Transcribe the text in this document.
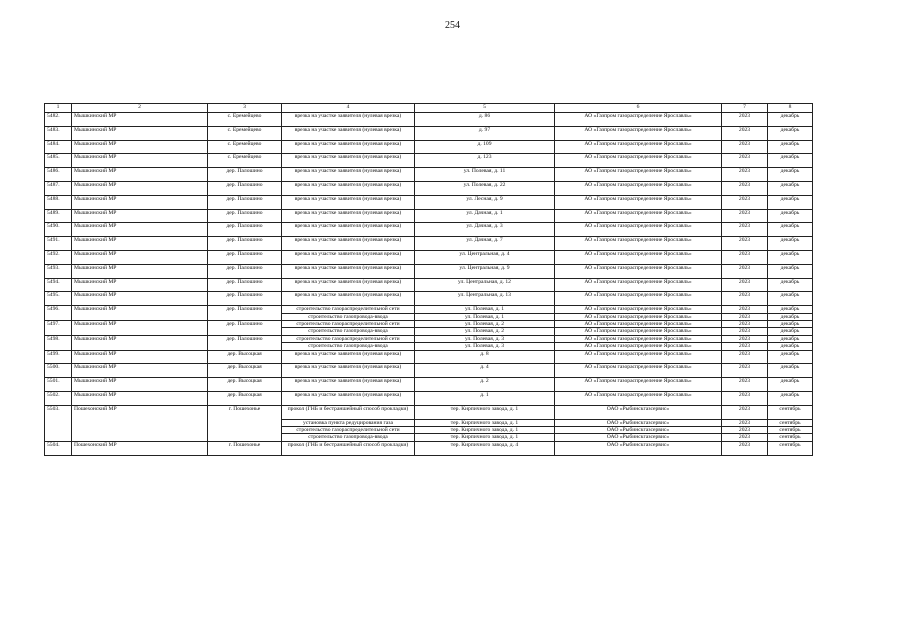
254
1	2	3	4	5	6	7	8
5482.	Мышкинский МР	с. Еремейцево	врезка на участке заявителя (нулевая врезка)	д. 86	АО «Газпром газораспределение Ярославль»	2023	декабрь
5483.	Мышкинский МР	с. Еремейцево	врезка на участке заявителя (нулевая врезка)	д. 97	АО «Газпром газораспределение Ярославль»	2023	декабрь
5484.	Мышкинский МР	с. Еремейцево	врезка на участке заявителя (нулевая врезка)	д. 109	АО «Газпром газораспределение Ярославль»	2023	декабрь
5485.	Мышкинский МР	с. Еремейцево	врезка на участке заявителя (нулевая врезка)	д. 123	АО «Газпром газораспределение Ярославль»	2023	декабрь
5486.	Мышкинский МР	дер. Палошино	врезка на участке заявителя (нулевая врезка)	ул. Полевая, д. 11	АО «Газпром газораспределение Ярославль»	2023	декабрь
5487.	Мышкинский МР	дер. Палошино	врезка на участке заявителя (нулевая врезка)	ул. Полевая, д. 22	АО «Газпром газораспределение Ярославль»	2023	декабрь
5488.	Мышкинский МР	дер. Палошино	врезка на участке заявителя (нулевая врезка)	ул. Лесная, д. 9	АО «Газпром газораспределение Ярославль»	2023	декабрь
5489.	Мышкинский МР	дер. Палошино	врезка на участке заявителя (нулевая врезка)	ул. Дачная, д. 1	АО «Газпром газораспределение Ярославль»	2023	декабрь
5490.	Мышкинский МР	дер. Палошино	врезка на участке заявителя (нулевая врезка)	ул. Дачная, д. 3	АО «Газпром газораспределение Ярославль»	2023	декабрь
5491.	Мышкинский МР	дер. Палошино	врезка на участке заявителя (нулевая врезка)	ул. Дачная, д. 7	АО «Газпром газораспределение Ярославль»	2023	декабрь
5492.	Мышкинский МР	дер. Палошино	врезка на участке заявителя (нулевая врезка)	ул. Центральная, д. 4	АО «Газпром газораспределение Ярославль»	2023	декабрь
5493.	Мышкинский МР	дер. Палошино	врезка на участке заявителя (нулевая врезка)	ул. Центральная, д. 9	АО «Газпром газораспределение Ярославль»	2023	декабрь
5494.	Мышкинский МР	дер. Палошино	врезка на участке заявителя (нулевая врезка)	ул. Центральная, д. 12	АО «Газпром газораспределение Ярославль»	2023	декабрь
5495.	Мышкинский МР	дер. Палошино	врезка на участке заявителя (нулевая врезка)	ул. Центральная, д. 13	АО «Газпром газораспределение Ярославль»	2023	декабрь
5496.	Мышкинский МР	дер. Палошино	строительство газораспределительной сети	ул. Полевая, д. 1	АО «Газпром газораспределение Ярославль»	2023	декабрь
			строительство газопровода-ввода	ул. Полевая, д. 1	АО «Газпром газораспределение Ярославль»	2023	декабрь
5497.	Мышкинский МР	дер. Палошино	строительство газораспределительной сети	ул. Полевая, д. 2	АО «Газпром газораспределение Ярославль»	2023	декабрь
			строительство газопровода-ввода	ул. Полевая, д. 2	АО «Газпром газораспределение Ярославль»	2023	декабрь
5498.	Мышкинский МР	дер. Палошино	строительство газораспределительной сети	ул. Полевая, д. 3	АО «Газпром газораспределение Ярославль»	2023	декабрь
			строительство газопровода-ввода	ул. Полевая, д. 3	АО «Газпром газораспределение Ярославль»	2023	декабрь
5499.	Мышкинский МР	дер. Высоцкая	врезка на участке заявителя (нулевая врезка)	д. 8	АО «Газпром газораспределение Ярославль»	2023	декабрь
5500.	Мышкинский МР	дер. Высоцкая	врезка на участке заявителя (нулевая врезка)	д. 4	АО «Газпром газораспределение Ярославль»	2023	декабрь
5501.	Мышкинский МР	дер. Высоцкая	врезка на участке заявителя (нулевая врезка)	д. 2	АО «Газпром газораспределение Ярославль»	2023	декабрь
5502.	Мышкинский МР	дер. Высоцкая	врезка на участке заявителя (нулевая врезка)	д. 1	АО «Газпром газораспределение Ярославль»	2023	декабрь
5503.	Пошехонский МР	г. Пошехонье	прокол (ГНБ и бестраншейный способ прокладки)	тер. Кирпичного завода, д. 1	ОАО «Рыбинскгазсервис»	2023	сентябрь
			установка пункта редуцирования газа	тер. Кирпичного завода, д. 1	ОАО «Рыбинскгазсервис»	2023	сентябрь
			строительство газораспределительной сети	тер. Кирпичного завода, д. 1	ОАО «Рыбинскгазсервис»	2023	сентябрь
			строительство газопровода-ввода	тер. Кирпичного завода, д. 1	ОАО «Рыбинскгазсервис»	2023	сентябрь
5504.	Пошехонский МР	г. Пошехонье	прокол (ГНБ и бестраншейный способ прокладки)	тер. Кирпичного завода, д. 4	ОАО «Рыбинскгазсервис»	2023	сентябрь
